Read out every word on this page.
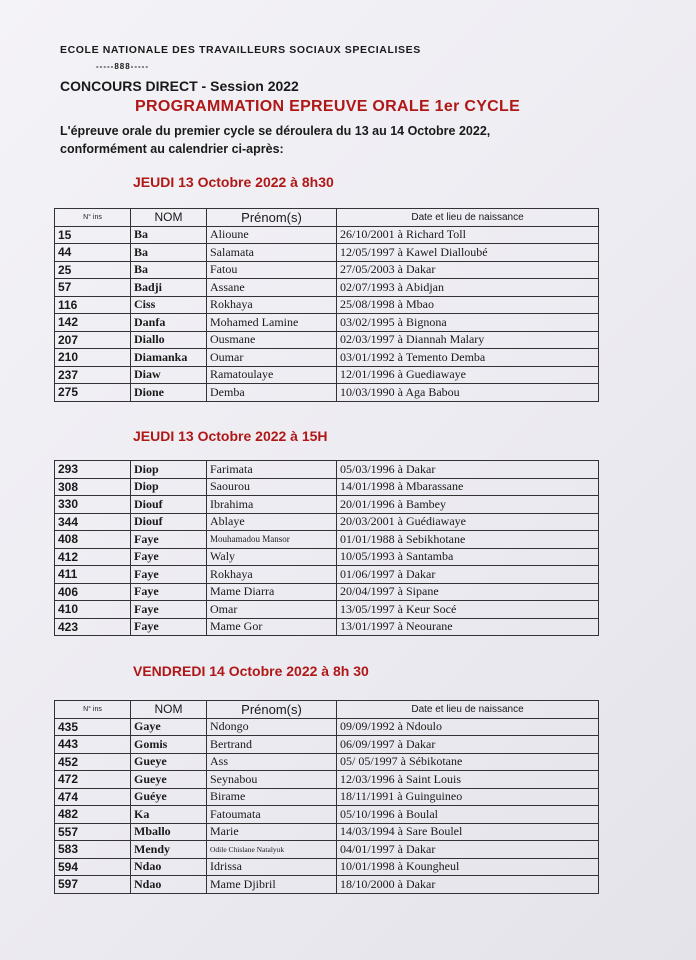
ECOLE NATIONALE DES TRAVAILLEURS SOCIAUX SPECIALISES
-----888-----
CONCOURS DIRECT - Session 2022
PROGRAMMATION EPREUVE ORALE 1er CYCLE
L'épreuve orale du premier cycle se déroulera du 13 au 14 Octobre 2022,
conformément au calendrier ci-après:
JEUDI 13 Octobre 2022 à 8h30
N° ins	NOM	Prénom(s)	Date et lieu de naissance
15	Ba	Alioune	26/10/2001 à Richard Toll
44	Ba	Salamata	12/05/1997 à Kawel Dialloubé
25	Ba	Fatou	27/05/2003 à Dakar
57	Badji	Assane	02/07/1993 à Abidjan
116	Ciss	Rokhaya	25/08/1998 à Mbao
142	Danfa	Mohamed Lamine	03/02/1995 à Bignona
207	Diallo	Ousmane	02/03/1997 à Diannah Malary
210	Diamanka	Oumar	03/01/1992 à Temento Demba
237	Diaw	Ramatoulaye	12/01/1996 à Guediawaye
275	Dione	Demba	10/03/1990 à Aga Babou
JEUDI 13 Octobre 2022 à 15H
293	Diop	Farimata	05/03/1996 à Dakar
308	Diop	Saourou	14/01/1998 à Mbarassane
330	Diouf	Ibrahima	20/01/1996 à Bambey
344	Diouf	Ablaye	20/03/2001 à Guédiawaye
408	Faye	Mouhamadou Mansor	01/01/1988 à Sebikhotane
412	Faye	Waly	10/05/1993 à Santamba
411	Faye	Rokhaya	01/06/1997 à Dakar
406	Faye	Mame Diarra	20/04/1997 à Sipane
410	Faye	Omar	13/05/1997 à Keur Socé
423	Faye	Mame Gor	13/01/1997 à Neourane
VENDREDI 14 Octobre 2022 à 8h 30
N° ins	NOM	Prénom(s)	Date et lieu de naissance
435	Gaye	Ndongo	09/09/1992 à Ndoulo
443	Gomis	Bertrand	06/09/1997 à Dakar
452	Gueye	Ass	05/ 05/1997 à Sébikotane
472	Gueye	Seynabou	12/03/1996 à Saint Louis
474	Guéye	Birame	18/11/1991 à Guinguineo
482	Ka	Fatoumata	05/10/1996 à Boulal
557	Mballo	Marie	14/03/1994 à Sare Boulel
583	Mendy	Odile Chislane Natalyuk	04/01/1997 à Dakar
594	Ndao	Idrissa	10/01/1998 à Koungheul
597	Ndao	Mame Djibril	18/10/2000 à Dakar
